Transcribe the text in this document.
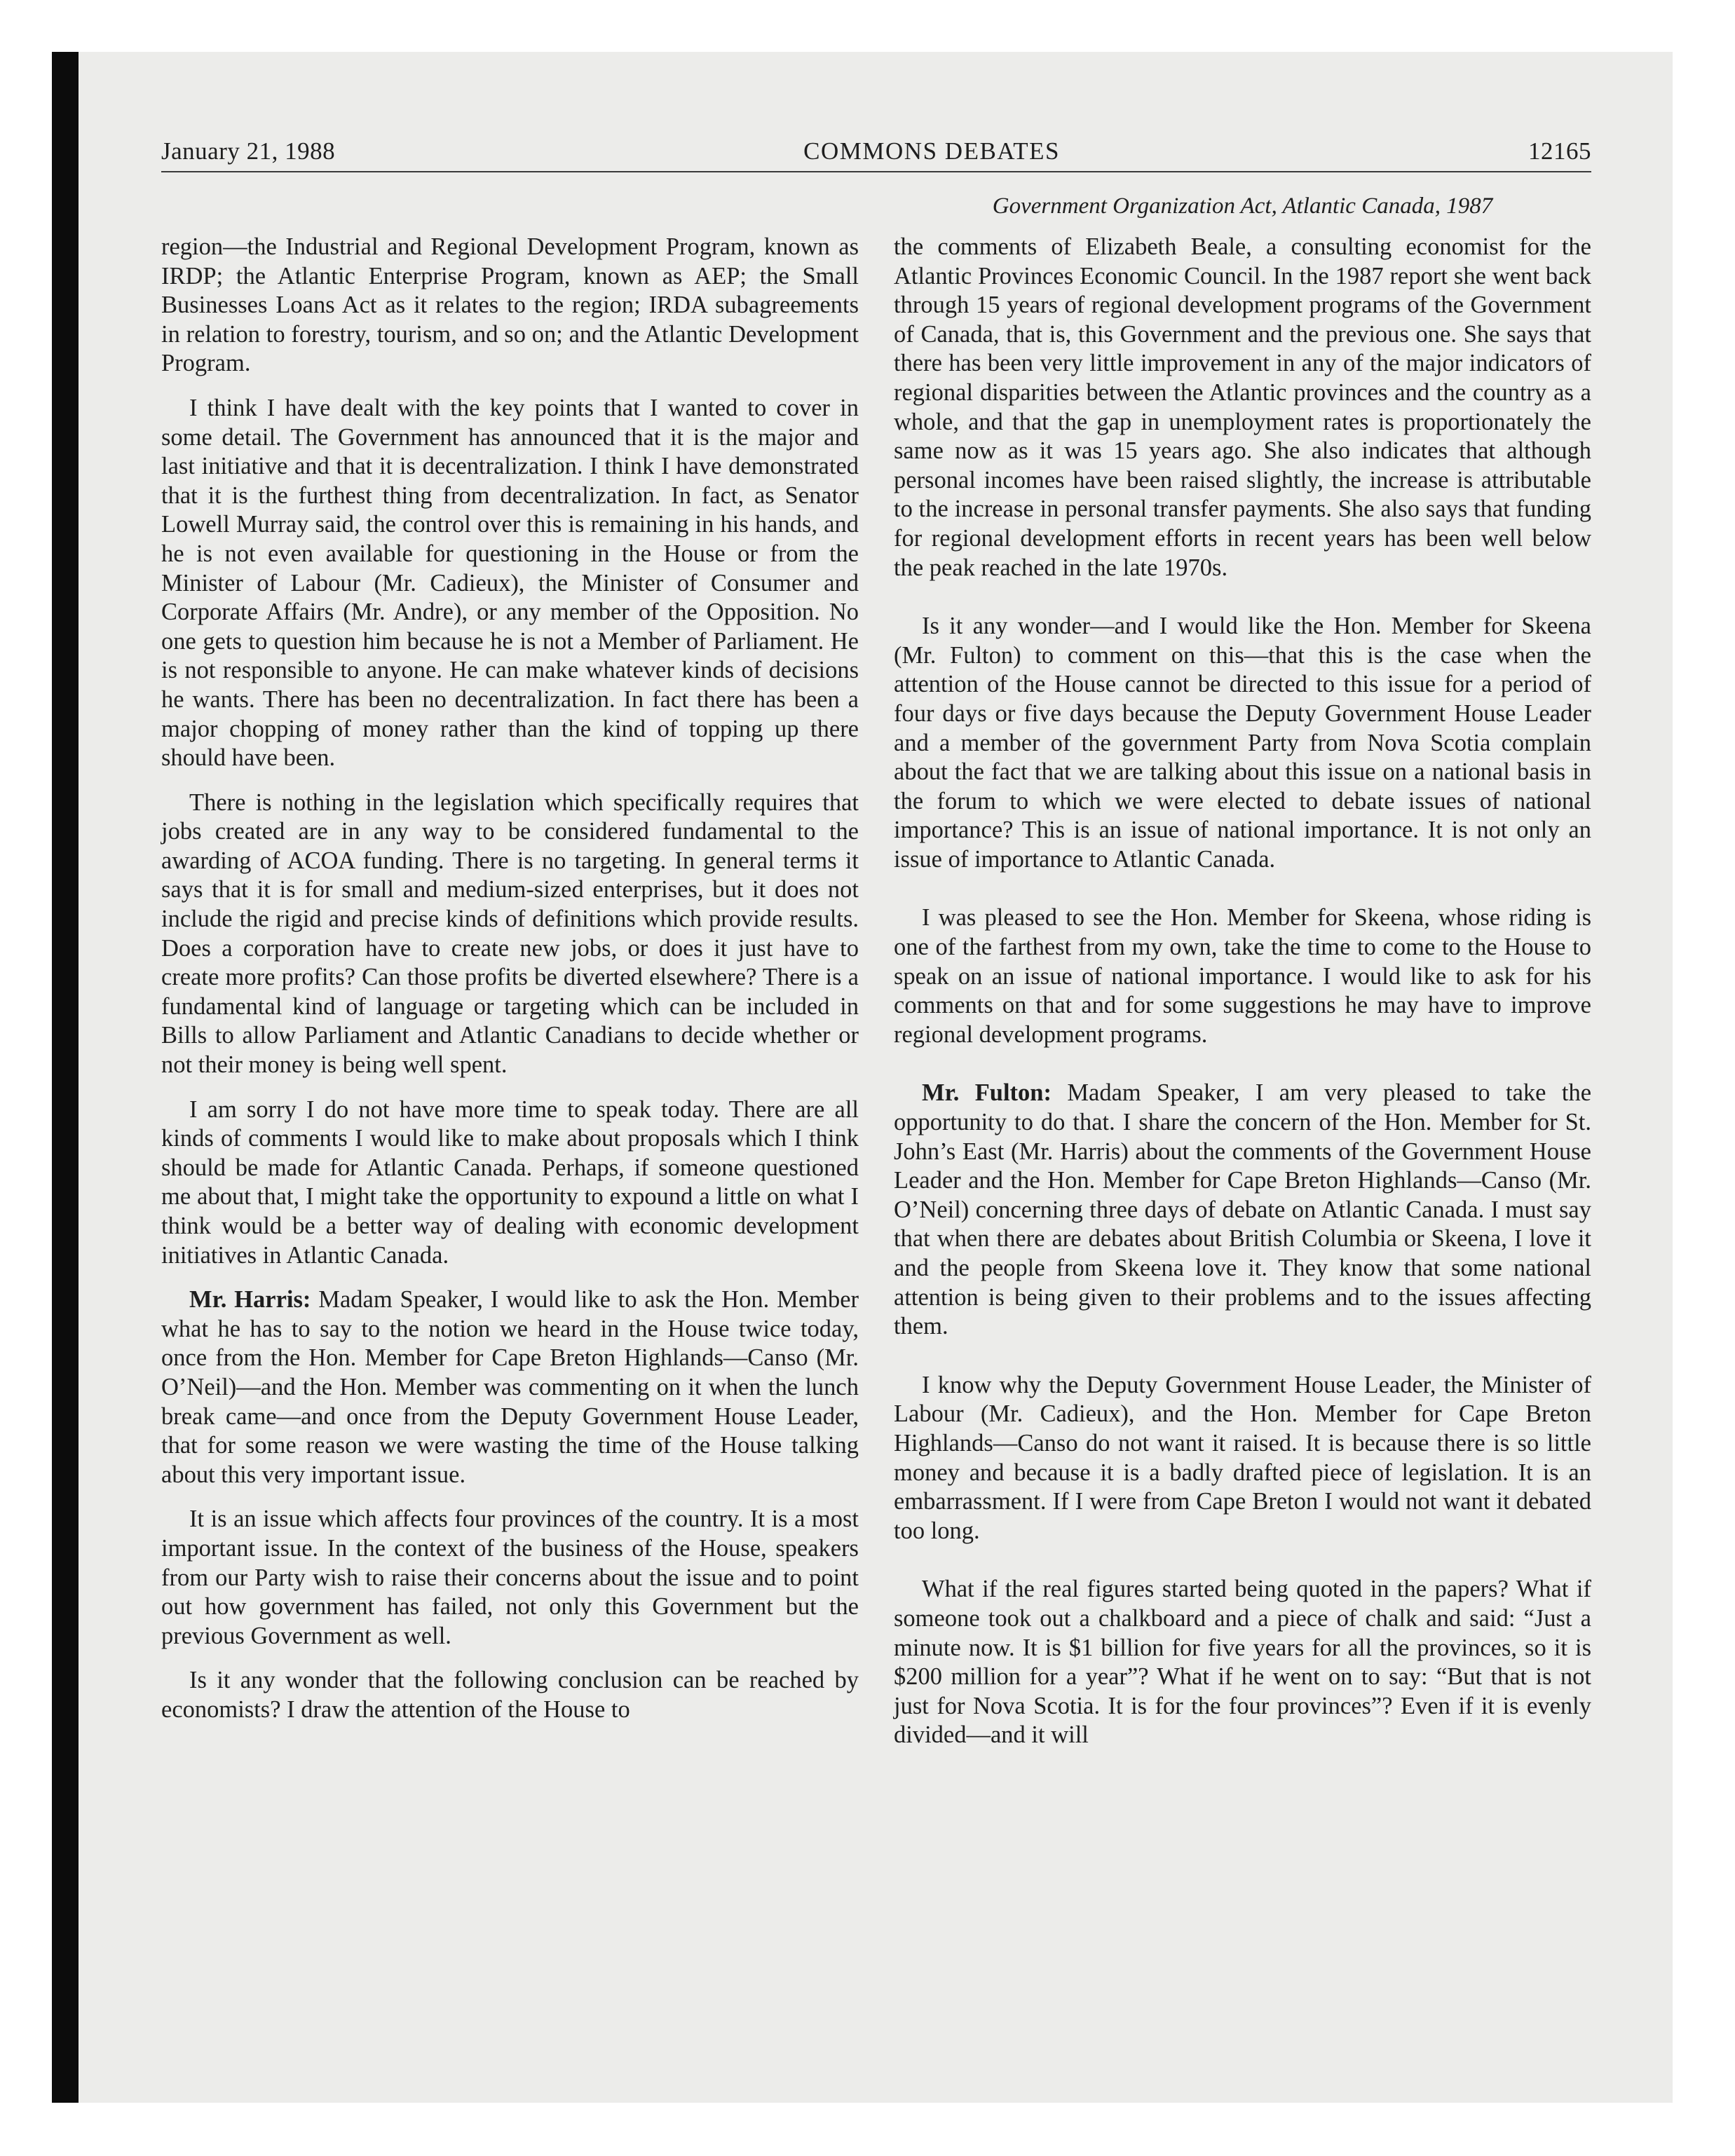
January 21, 1988	COMMONS DEBATES	12165
Government Organization Act, Atlantic Canada, 1987

region—the Industrial and Regional Development Program, known as IRDP; the Atlantic Enterprise Program, known as AEP; the Small Businesses Loans Act as it relates to the region; IRDA subagreements in relation to forestry, tourism, and so on; and the Atlantic Development Program.

I think I have dealt with the key points that I wanted to cover in some detail. The Government has announced that it is the major and last initiative and that it is decentralization. I think I have demonstrated that it is the furthest thing from decentralization. In fact, as Senator Lowell Murray said, the control over this is remaining in his hands, and he is not even available for questioning in the House or from the Minister of Labour (Mr. Cadieux), the Minister of Consumer and Corporate Affairs (Mr. Andre), or any member of the Opposition. No one gets to question him because he is not a Member of Parliament. He is not responsible to anyone. He can make whatever kinds of decisions he wants. There has been no decentralization. In fact there has been a major chopping of money rather than the kind of topping up there should have been.

There is nothing in the legislation which specifically requires that jobs created are in any way to be considered fundamental to the awarding of ACOA funding. There is no targeting. In general terms it says that it is for small and medium-sized enterprises, but it does not include the rigid and precise kinds of definitions which provide results. Does a corporation have to create new jobs, or does it just have to create more profits? Can those profits be diverted elsewhere? There is a fundamental kind of language or targeting which can be included in Bills to allow Parliament and Atlantic Canadians to decide whether or not their money is being well spent.

I am sorry I do not have more time to speak today. There are all kinds of comments I would like to make about proposals which I think should be made for Atlantic Canada. Perhaps, if someone questioned me about that, I might take the opportunity to expound a little on what I think would be a better way of dealing with economic development initiatives in Atlantic Canada.

Mr. Harris: Madam Speaker, I would like to ask the Hon. Member what he has to say to the notion we heard in the House twice today, once from the Hon. Member for Cape Breton Highlands—Canso (Mr. O’Neil)—and the Hon. Member was commenting on it when the lunch break came—and once from the Deputy Government House Leader, that for some reason we were wasting the time of the House talking about this very important issue.

It is an issue which affects four provinces of the country. It is a most important issue. In the context of the business of the House, speakers from our Party wish to raise their concerns about the issue and to point out how government has failed, not only this Government but the previous Government as well.

Is it any wonder that the following conclusion can be reached by economists? I draw the attention of the House to

the comments of Elizabeth Beale, a consulting economist for the Atlantic Provinces Economic Council. In the 1987 report she went back through 15 years of regional development programs of the Government of Canada, that is, this Government and the previous one. She says that there has been very little improvement in any of the major indicators of regional disparities between the Atlantic provinces and the country as a whole, and that the gap in unemployment rates is proportionately the same now as it was 15 years ago. She also indicates that although personal incomes have been raised slightly, the increase is attributable to the increase in personal transfer payments. She also says that funding for regional development efforts in recent years has been well below the peak reached in the late 1970s.

Is it any wonder—and I would like the Hon. Member for Skeena (Mr. Fulton) to comment on this—that this is the case when the attention of the House cannot be directed to this issue for a period of four days or five days because the Deputy Government House Leader and a member of the government Party from Nova Scotia complain about the fact that we are talking about this issue on a national basis in the forum to which we were elected to debate issues of national importance? This is an issue of national importance. It is not only an issue of importance to Atlantic Canada.

I was pleased to see the Hon. Member for Skeena, whose riding is one of the farthest from my own, take the time to come to the House to speak on an issue of national importance. I would like to ask for his comments on that and for some suggestions he may have to improve regional development programs.

Mr. Fulton: Madam Speaker, I am very pleased to take the opportunity to do that. I share the concern of the Hon. Member for St. John’s East (Mr. Harris) about the comments of the Government House Leader and the Hon. Member for Cape Breton Highlands—Canso (Mr. O’Neil) concerning three days of debate on Atlantic Canada. I must say that when there are debates about British Columbia or Skeena, I love it and the people from Skeena love it. They know that some national attention is being given to their problems and to the issues affecting them.

I know why the Deputy Government House Leader, the Minister of Labour (Mr. Cadieux), and the Hon. Member for Cape Breton Highlands—Canso do not want it raised. It is because there is so little money and because it is a badly drafted piece of legislation. It is an embarrassment. If I were from Cape Breton I would not want it debated too long.

What if the real figures started being quoted in the papers? What if someone took out a chalkboard and a piece of chalk and said: “Just a minute now. It is $1 billion for five years for all the provinces, so it is $200 million for a year”? What if he went on to say: “But that is not just for Nova Scotia. It is for the four provinces”? Even if it is evenly divided—and it will
